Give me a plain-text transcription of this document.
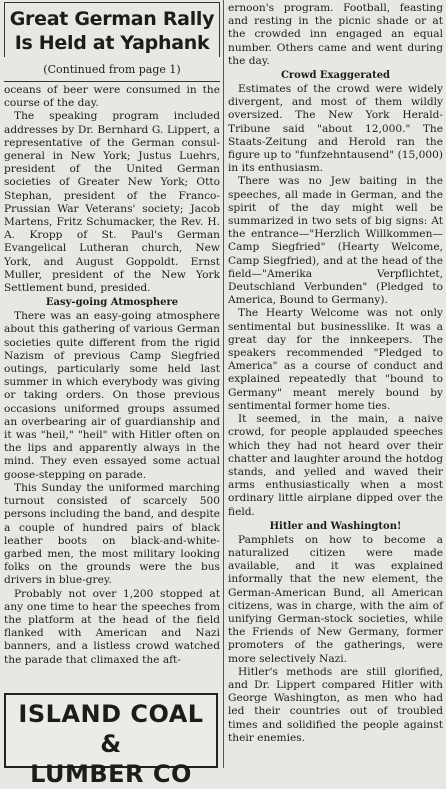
Great German Rally
Is Held at Yaphank
(Continued from page 1)

oceans of beer were consumed in the course of the day.

The speaking program included addresses by Dr. Bernhard G. Lippert, a representative of the German consul-general in New York; Justus Luehrs, president of the United German societies of Greater New York; Otto Stephan, president of the Franco-Prussian War Veterans' society; Jacob Martens, Fritz Schumacker, the Rev. H. A. Kropp of St. Paul's German Evangelical Lutheran church, New York, and August Goppoldt. Ernst Muller, president of the New York Settlement bund, presided.

Easy-going Atmosphere

There was an easy-going atmosphere about this gathering of various German societies quite different from the rigid Nazism of previous Camp Siegfried outings, particularly some held last summer in which everybody was giving or taking orders. On those previous occasions uniformed groups assumed an overbearing air of guardianship and it was "heil," "heil" with Hitler often on the lips and apparently always in the mind. They even essayed some actual goose-stepping on parade.

This Sunday the uniformed marching turnout consisted of scarcely 500 persons including the band, and despite a couple of hundred pairs of black leather boots on black-and-white-garbed men, the most military looking folks on the grounds were the bus drivers in blue-grey.

Probably not over 1,200 stopped at any one time to hear the speeches from the platform at the head of the field flanked with American and Nazi banners, and a listless crowd watched the parade that climaxed the aft-

ISLAND COAL &
LUMBER CO

ernoon's program. Football, feasting and resting in the picnic shade or at the crowded inn engaged an equal number. Others came and went during the day.

Crowd Exaggerated

Estimates of the crowd were widely divergent, and most of them wildly oversized. The New York Herald-Tribune said "about 12,000." The Staats-Zeitung and Herold ran the figure up to "funfzehntausend" (15,000) in its enthusiasm.

There was no Jew baiting in the speeches, all made in German, and the spirit of the day might well be summarized in two sets of big signs: At the entrance—"Herzlich Willkommen—Camp Siegfried" (Hearty Welcome, Camp Siegfried), and at the head of the field—"Amerika Verpflichtet, Deutschland Verbunden" (Pledged to America, Bound to Germany).

The Hearty Welcome was not only sentimental but businesslike. It was a great day for the innkeepers. The speakers recommended "Pledged to America" as a course of conduct and explained repeatedly that "bound to Germany" meant merely bound by sentimental former home ties.

It seemed, in the main, a naive crowd, for people applauded speeches which they had not heard over their chatter and laughter around the hotdog stands, and yelled and waved their arms enthusiastically when a most ordinary little airplane dipped over the field.

Hitler and Washington!

Pamphlets on how to become a naturalized citizen were made available, and it was explained informally that the new element, the German-American Bund, all American citizens, was in charge, with the aim of unifying German-stock societies, while the Friends of New Germany, former promoters of the gatherings, were more selectively Nazi.

Hitler's methods are still glorified, and Dr. Lippert compared Hitler with George Washington, as men who had led their countries out of troubled times and solidified the people against their enemies.
